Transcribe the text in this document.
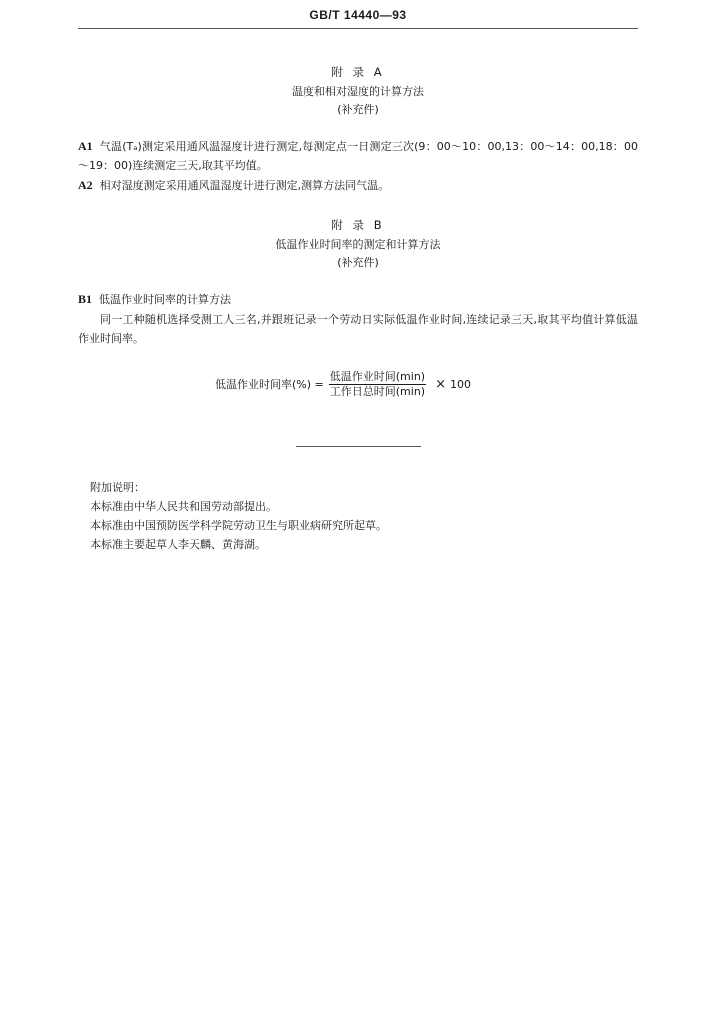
GB/T 14440—93
附 录 A
温度和相对湿度的计算方法
(补充件)
A1 气温(Tₐ)测定采用通风温湿度计进行测定,每测定点一日测定三次(9：00～10：00,13：00～14：00,18：00～19：00)连续测定三天,取其平均值。
A2 相对湿度测定采用通风温湿度计进行测定,测算方法同气温。
附 录 B
低温作业时间率的测定和计算方法
(补充件)
B1 低温作业时间率的计算方法
同一工种随机选择受测工人三名,并跟班记录一个劳动日实际低温作业时间,连续记录三天,取其平均值计算低温作业时间率。
低温作业时间率(%) = $\frac{\text{低温作业时间(min)}}{\text{工作日总时间(min)}} \times 100$
附加说明：
本标准由中华人民共和国劳动部提出。
本标准由中国预防医学科学院劳动卫生与职业病研究所起草。
本标准主要起草人李天麟、黄海湖。
